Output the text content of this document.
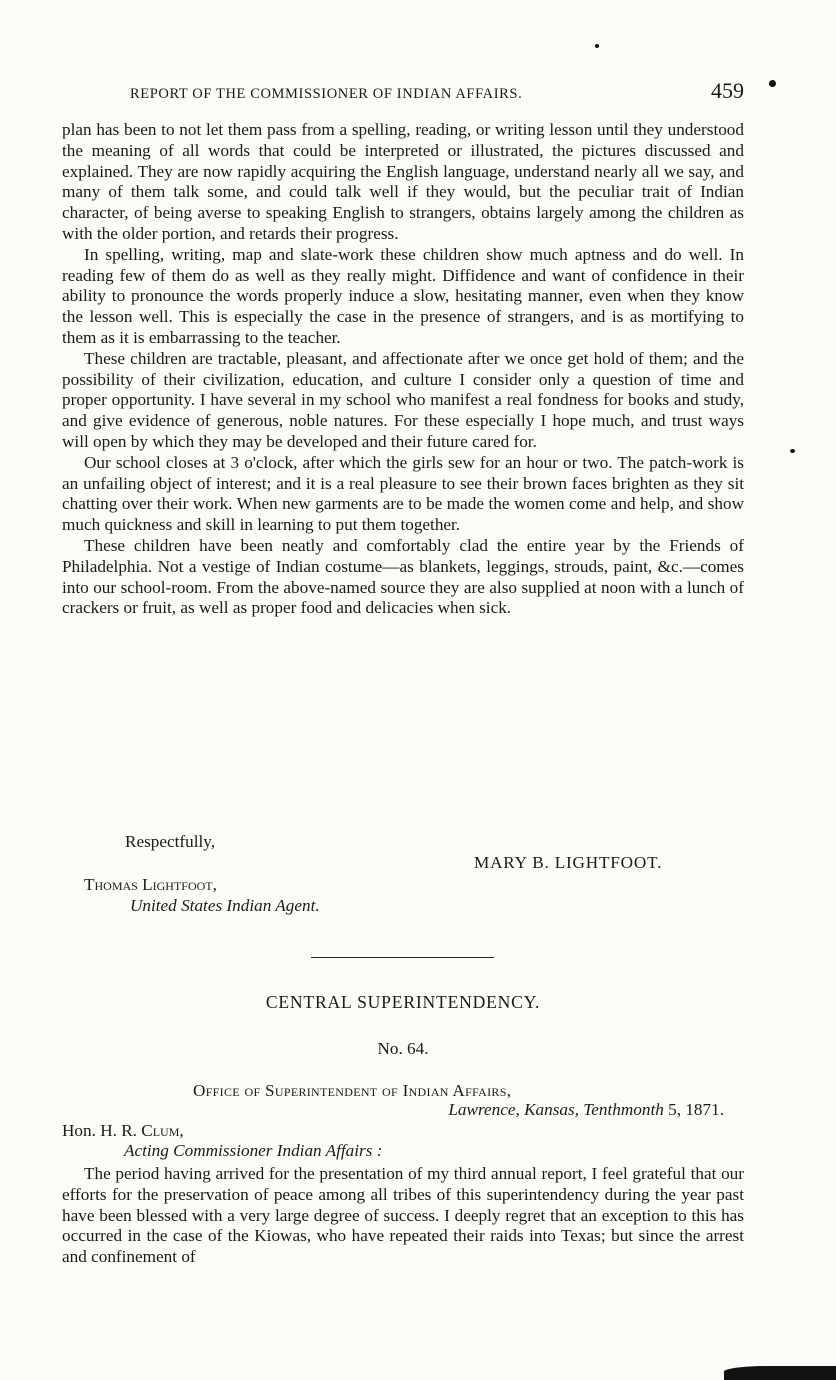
REPORT OF THE COMMISSIONER OF INDIAN AFFAIRS.	459

plan has been to not let them pass from a spelling, reading, or writing lesson until they understood the meaning of all words that could be interpreted or illustrated, the pictures discussed and explained. They are now rapidly acquiring the English language, understand nearly all we say, and many of them talk some, and could talk well if they would, but the peculiar trait of Indian character, of being averse to speaking English to strangers, obtains largely among the children as with the older portion, and retards their progress.

In spelling, writing, map and slate-work these children show much aptness and do well. In reading few of them do as well as they really might. Diffidence and want of confidence in their ability to pronounce the words properly induce a slow, hesitating manner, even when they know the lesson well. This is especially the case in the presence of strangers, and is as mortifying to them as it is embarrassing to the teacher.

These children are tractable, pleasant, and affectionate after we once get hold of them; and the possibility of their civilization, education, and culture I consider only a question of time and proper opportunity. I have several in my school who manifest a real fondness for books and study, and give evidence of generous, noble natures. For these especially I hope much, and trust ways will open by which they may be developed and their future cared for.

Our school closes at 3 o'clock, after which the girls sew for an hour or two. The patch-work is an unfailing object of interest; and it is a real pleasure to see their brown faces brighten as they sit chatting over their work. When new garments are to be made the women come and help, and show much quickness and skill in learning to put them together.

These children have been neatly and comfortably clad the entire year by the Friends of Philadelphia. Not a vestige of Indian costume—as blankets, leggings, strouds, paint, &c.—comes into our school-room. From the above-named source they are also supplied at noon with a lunch of crackers or fruit, as well as proper food and delicacies when sick.

Respectfully,
MARY B. LIGHTFOOT.
Thomas Lightfoot,
United States Indian Agent.
CENTRAL SUPERINTENDENCY.
No. 64.
Office of Superintendent of Indian Affairs,
Lawrence, Kansas, Tenthmonth 5, 1871.
Hon. H. R. Clum,
Acting Commissioner Indian Affairs :

The period having arrived for the presentation of my third annual report, I feel grateful that our efforts for the preservation of peace among all tribes of this superintendency during the year past have been blessed with a very large degree of success. I deeply regret that an exception to this has occurred in the case of the Kiowas, who have repeated their raids into Texas; but since the arrest and confinement of
